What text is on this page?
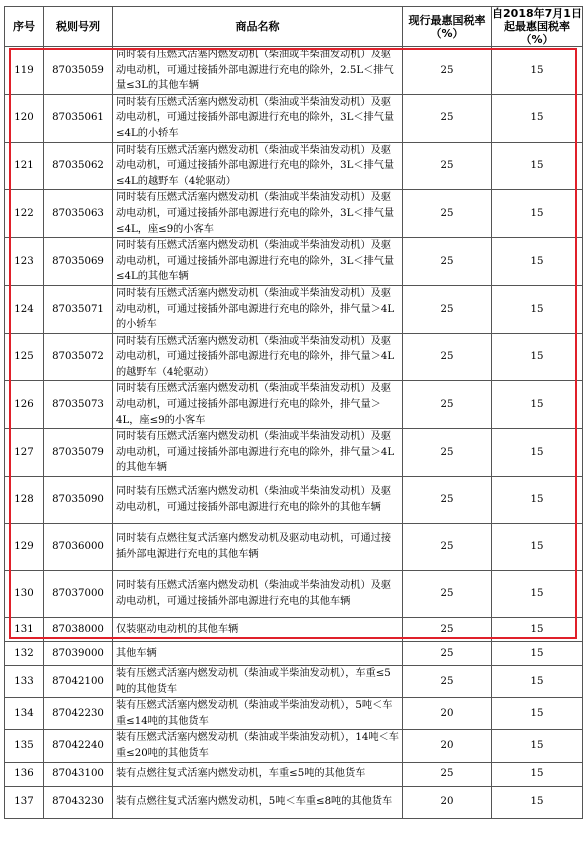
序号	税则号列	商品名称	现行最惠国税率（%）	自2018年7月1日起最惠国税率（%）
119	87035059	同时装有压燃式活塞内燃发动机（柴油或半柴油发动机）及驱动电动机，可通过接插外部电源进行充电的除外，2.5L＜排气量≤3L的其他车辆	25	15
120	87035061	同时装有压燃式活塞内燃发动机（柴油或半柴油发动机）及驱动电动机，可通过接插外部电源进行充电的除外，3L＜排气量≤4L的小轿车	25	15
121	87035062	同时装有压燃式活塞内燃发动机（柴油或半柴油发动机）及驱动电动机，可通过接插外部电源进行充电的除外，3L＜排气量≤4L的越野车（4轮驱动）	25	15
122	87035063	同时装有压燃式活塞内燃发动机（柴油或半柴油发动机）及驱动电动机，可通过接插外部电源进行充电的除外，3L＜排气量≤4L，座≤9的小客车	25	15
123	87035069	同时装有压燃式活塞内燃发动机（柴油或半柴油发动机）及驱动电动机，可通过接插外部电源进行充电的除外，3L＜排气量≤4L的其他车辆	25	15
124	87035071	同时装有压燃式活塞内燃发动机（柴油或半柴油发动机）及驱动电动机，可通过接插外部电源进行充电的除外，排气量＞4L的小轿车	25	15
125	87035072	同时装有压燃式活塞内燃发动机（柴油或半柴油发动机）及驱动电动机，可通过接插外部电源进行充电的除外，排气量＞4L的越野车（4轮驱动）	25	15
126	87035073	同时装有压燃式活塞内燃发动机（柴油或半柴油发动机）及驱动电动机，可通过接插外部电源进行充电的除外，排气量＞4L，座≤9的小客车	25	15
127	87035079	同时装有压燃式活塞内燃发动机（柴油或半柴油发动机）及驱动电动机，可通过接插外部电源进行充电的除外，排气量＞4L的其他车辆	25	15
128	87035090	同时装有压燃式活塞内燃发动机（柴油或半柴油发动机）及驱动电动机，可通过接插外部电源进行充电的除外的其他车辆	25	15
129	87036000	同时装有点燃往复式活塞内燃发动机及驱动电动机，可通过接插外部电源进行充电的其他车辆	25	15
130	87037000	同时装有压燃式活塞内燃发动机（柴油或半柴油发动机）及驱动电动机，可通过接插外部电源进行充电的其他车辆	25	15
131	87038000	仅装驱动电动机的其他车辆	25	15
132	87039000	其他车辆	25	15
133	87042100	装有压燃式活塞内燃发动机（柴油或半柴油发动机），车重≤5吨的其他货车	25	15
134	87042230	装有压燃式活塞内燃发动机（柴油或半柴油发动机），5吨＜车重≤14吨的其他货车	20	15
135	87042240	装有压燃式活塞内燃发动机（柴油或半柴油发动机），14吨＜车重≤20吨的其他货车	20	15
136	87043100	装有点燃往复式活塞内燃发动机，车重≤5吨的其他货车	25	15
137	87043230	装有点燃往复式活塞内燃发动机，5吨＜车重≤8吨的其他货车	20	15
